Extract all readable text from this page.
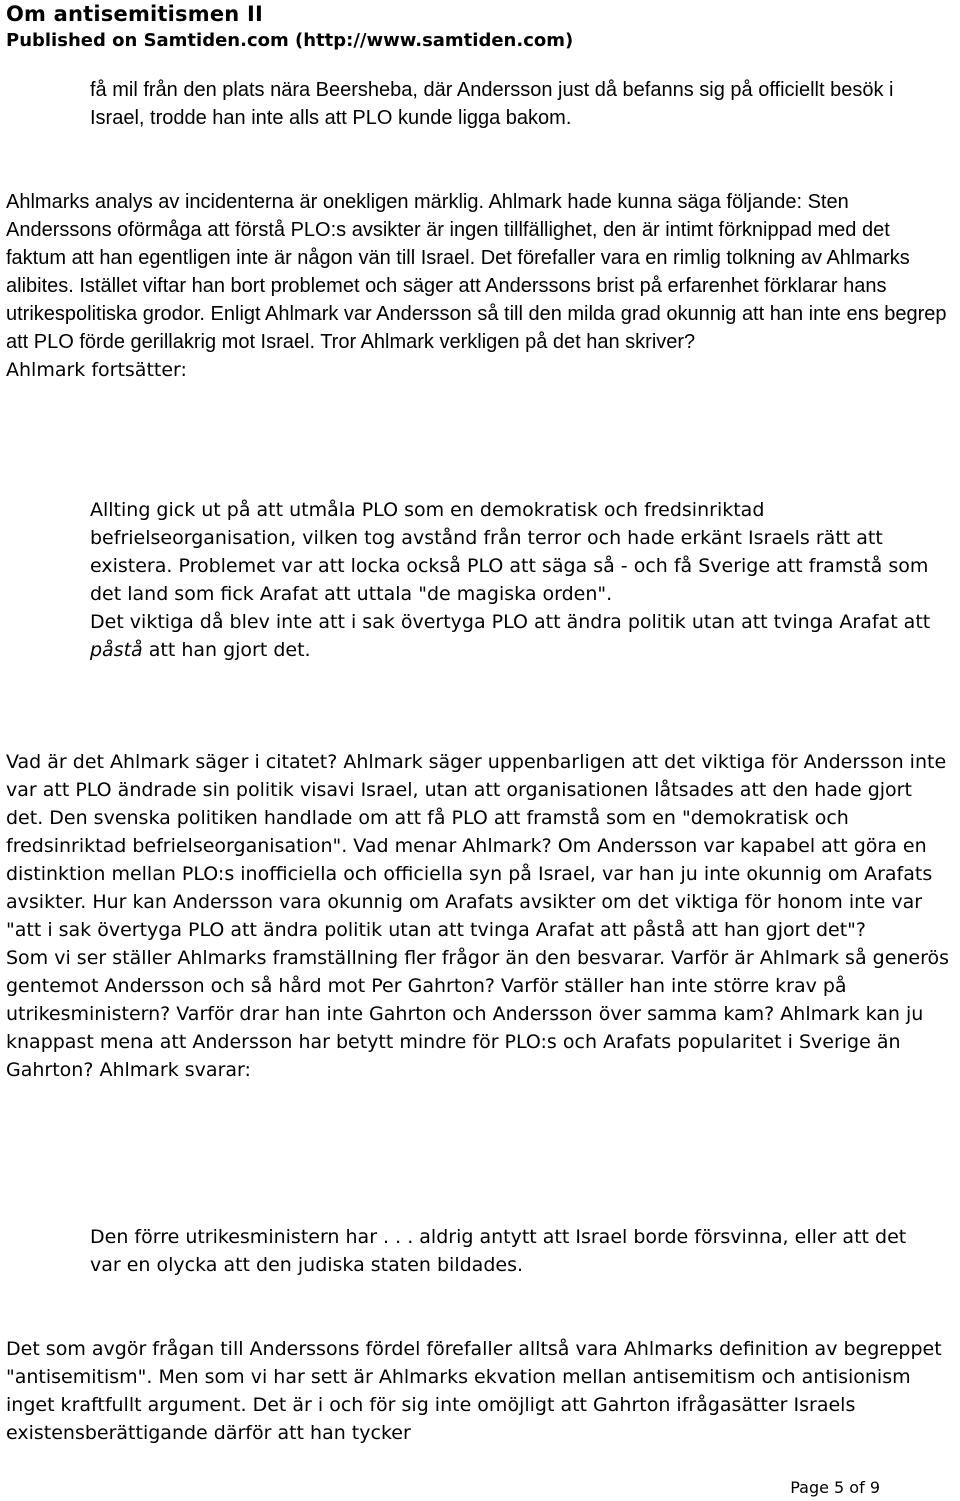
Om antisemitismen II
Published on Samtiden.com (http://www.samtiden.com)

få mil från den plats nära Beersheba, där Andersson just då befanns sig på officiellt besök i Israel, trodde han inte alls att PLO kunde ligga bakom.

Ahlmarks analys av incidenterna är onekligen märklig. Ahlmark hade kunna säga följande: Sten Anderssons oförmåga att förstå PLO:s avsikter är ingen tillfällighet, den är intimt förknippad med det faktum att han egentligen inte är någon vän till Israel. Det förefaller vara en rimlig tolkning av Ahlmarks alibites. Istället viftar han bort problemet och säger att Anderssons brist på erfarenhet förklarar hans utrikespolitiska grodor. Enligt Ahlmark var Andersson så till den milda grad okunnig att han inte ens begrep att PLO förde gerillakrig mot Israel. Tror Ahlmark verkligen på det han skriver?

Ahlmark fortsätter:

Allting gick ut på att utmåla PLO som en demokratisk och fredsinriktad befrielseorganisation, vilken tog avstånd från terror och hade erkänt Israels rätt att existera. Problemet var att locka också PLO att säga så - och få Sverige att framstå som det land som fick Arafat att uttala "de magiska orden".

Det viktiga då blev inte att i sak övertyga PLO att ändra politik utan att tvinga Arafat att påstå att han gjort det.

Vad är det Ahlmark säger i citatet? Ahlmark säger uppenbarligen att det viktiga för Andersson inte var att PLO ändrade sin politik visavi Israel, utan att organisationen låtsades att den hade gjort det. Den svenska politiken handlade om att få PLO att framstå som en "demokratisk och fredsinriktad befrielseorganisation". Vad menar Ahlmark? Om Andersson var kapabel att göra en distinktion mellan PLO:s inofficiella och officiella syn på Israel, var han ju inte okunnig om Arafats avsikter. Hur kan Andersson vara okunnig om Arafats avsikter om det viktiga för honom inte var "att i sak övertyga PLO att ändra politik utan att tvinga Arafat att påstå att han gjort det"?

Som vi ser ställer Ahlmarks framställning fler frågor än den besvarar. Varför är Ahlmark så generös gentemot Andersson och så hård mot Per Gahrton? Varför ställer han inte större krav på utrikesministern? Varför drar han inte Gahrton och Andersson över samma kam? Ahlmark kan ju knappast mena att Andersson har betytt mindre för PLO:s och Arafats popularitet i Sverige än Gahrton? Ahlmark svarar:

Den förre utrikesministern har . . . aldrig antytt att Israel borde försvinna, eller att det var en olycka att den judiska staten bildades.

Det som avgör frågan till Anderssons fördel förefaller alltså vara Ahlmarks definition av begreppet "antisemitism". Men som vi har sett är Ahlmarks ekvation mellan antisemitism och antisionism inget kraftfullt argument. Det är i och för sig inte omöjligt att Gahrton ifrågasätter Israels existensberättigande därför att han tycker

Page 5 of 9
